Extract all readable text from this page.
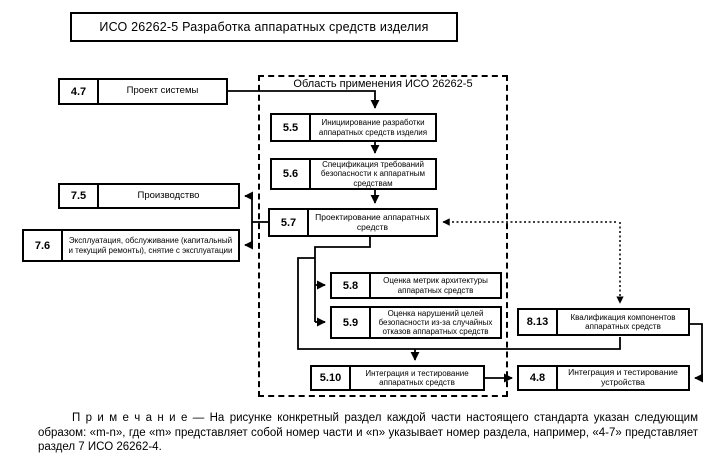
ИСО 26262-5 Разработка аппаратных средств изделия
Область применения ИСО 26262-5
4.7	Проект системы
5.5	Инициирование разработки аппаратных средств изделия
5.6
Спецификация требований безопасности к аппаратным средствам
5.7	Проектирование аппаратных средств
7.5	Производство
7.6	Эксплуатация, обслуживание (капитальный и текущий ремонты), снятие с эксплуатации
5.8	Оценка метрик архитектуры аппаратных средств
5.9
Оценка нарушений целей безопасности из-за случайных отказов аппаратных средств
5.10	Интеграция и тестирование аппаратных средств
8.13	Квалификация компонентов аппаратных средств
4.8	Интеграция и тестирование устройства
П р и м е ч а н и е — На рисунке конкретный раздел каждой части настоящего стандарта указан следующим образом: «m-n», где «m» представляет собой номер части и «n» указывает номер раздела, например, «4-7» представляет раздел 7 ИСО 26262-4.
